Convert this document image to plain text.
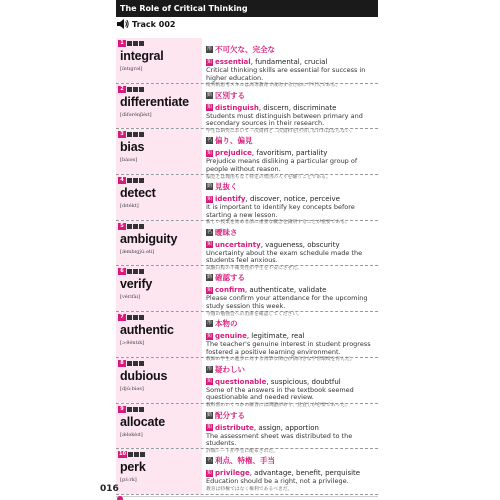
The Role of Critical Thinking
Track 002
1
integral
[íntɪɡrəl]
形 不可欠な、完全な
類 essential, fundamental, crucial
Critical thinking skills are essential for success in higher education.
批判的思考スキルは高等教育で成功するために不可欠である。
2
differentiate
[dìfərénʃièɪt]
動 区別する
類 distinguish, discern, discriminate
Students must distinguish between primary and secondary sources in their research.
学生は研究において一次資料と二次資料を区別しなければならない。
3
bias
[báɪəs]
名 偏り、偏見
類 prejudice, favoritism, partiality
Prejudice means disliking a particular group of people without reason.
偏見とは理由もなく特定の集団の人々を嫌うことである。
4
detect
[dɪtékt]
動 見抜く
類 identify, discover, notice, perceive
It is important to identify key concepts before starting a new lesson.
新しい授業を始める前に重要な概念を識別することが重要である。
5
ambiguity
[æ̀mbɪɡjúːəti]
名 曖昧さ
類 uncertainty, vagueness, obscurity
Uncertainty about the exam schedule made the students feel anxious.
試験日程の不確実性が学生を不安にさせた。
6
verify
[vérɪfàɪ]
動 確認する
類 confirm, authenticate, validate
Please confirm your attendance for the upcoming study session this week.
今週の勉強会への出席を確認してください。
7
authentic
[ɔːθéntɪk]
形 本物の
類 genuine, legitimate, real
The teacher's genuine interest in student progress fostered a positive learning environment.
教師の学生の進歩に対する真摯な関心が前向きな学習環境を育んだ。
8
dubious
[djúːbiəs]
形 疑わしい
類 questionable, suspicious, doubtful
Some of the answers in the textbook seemed questionable and needed review.
教科書のいくつかの解答には問題があり、見直しが必要であった。
9
allocate
[ǽləkèɪt]
動 配分する
類 distribute, assign, apportion
The assessment sheet was distributed to the students.
評価シートが学生に配布された。
10
perk
[pɜ́ːrk]
名 利点、特権、手当
類 privilege, advantage, benefit, perquisite
Education should be a right, not a privilege.
教育は特権ではなく権利であるべきだ。
016
